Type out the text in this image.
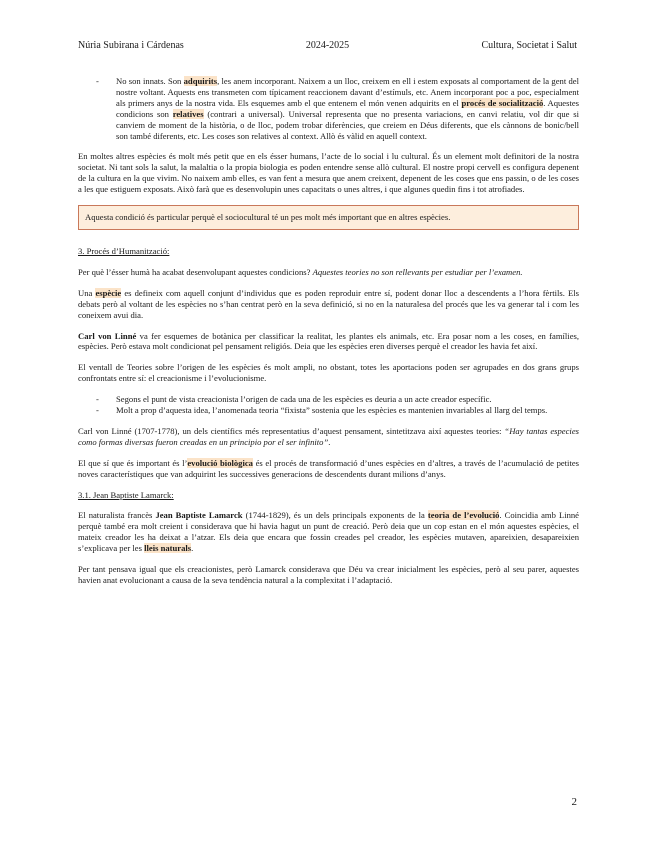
Núria Subirana i Cárdenas	2024-2025	Cultura, Societat i Salut
- No son innats. Son adquirits, les anem incorporant. Naixem a un lloc, creixem en ell i estem exposats al comportament de la gent del nostre voltant. Aquests ens transmeten com típicament reaccionem davant d’estímuls, etc. Anem incorporant poc a poc, especialment als primers anys de la nostra vida. Els esquemes amb el que entenem el món venen adquirits en el procés de socialització. Aquestes condicions son relatives (contrari a universal). Universal representa que no presenta variacions, en canvi relatiu, vol dir que si canviem de moment de la història, o de lloc, podem trobar diferències, que creiem en Déus diferents, que els cànnons de bonic/bell son també diferents, etc. Les coses son relatives al context. Allò és vàlid en aquell context.

En moltes altres espècies és molt més petit que en els ésser humans, l’acte de lo social i lu cultural. És un element molt definitori de la nostra societat. Ni tant sols la salut, la malaltia o la propia biologia es poden entendre sense allò cultural. El nostre propi cervell es configura depenent de la cultura en la que vivim. No naixem amb elles, es van fent a mesura que anem creixent, depenent de les coses que ens passin, o de les coses a les que estiguem exposats. Això farà que es desenvolupin unes capacitats o unes altres, i que algunes quedin fins i tot atrofiades.

Aquesta condició és particular perquè el sociocultural té un pes molt més important que en altres espècies.
3. Procés d’Humanització:

Per què l’ésser humà ha acabat desenvolupant aquestes condicions? Aquestes teories no son rellevants per estudiar per l’examen.

Una espècie es defineix com aquell conjunt d’individus que es poden reproduir entre sí, podent donar lloc a descendents a l’hora fèrtils. Els debats però al voltant de les espècies no s’han centrat però en la seva definició, si no en la naturalesa del procés que les va generar tal i com les coneixem avui dia.

Carl von Linné va fer esquemes de botànica per classificar la realitat, les plantes els animals, etc. Era posar nom a les coses, en famílies, espècies. Però estava molt condicionat pel pensament religiós. Deia que les espècies eren diverses perquè el creador les havia fet així.

El ventall de Teories sobre l’origen de les espècies és molt ampli, no obstant, totes les aportacions poden ser agrupades en dos grans grups confrontats entre sí: el creacionisme i l’evolucionisme.

- Segons el punt de vista creacionista l’origen de cada una de les espècies es deuria a un acte creador específic.
- Molt a prop d’aquesta idea, l’anomenada teoria “fixista” sostenia que les espècies es mantenien invariables al llarg del temps.

Carl von Linné (1707-1778), un dels científics més representatius d’aquest pensament, sintetitzava així aquestes teories: “Hay tantas especies como formas diversas fueron creadas en un principio por el ser infinito”.

El que sí que és important és l’evolució biològica és el procés de transformació d’unes espècies en d’altres, a través de l’acumulació de petites noves característiques que van adquirint les successives generacions de descendents durant milions d’anys.

3.1. Jean Baptiste Lamarck:

El naturalista francès Jean Baptiste Lamarck (1744-1829), és un dels principals exponents de la teoria de l’evolució. Coincidia amb Linné perquè també era molt creient i considerava que hi havia hagut un punt de creació. Però deia que un cop estan en el món aquestes espècies, el mateix creador les ha deixat a l’atzar. Els deia que encara que fossin creades pel creador, les espècies mutaven, apareixien, desapareixien s’explicava per les lleis naturals.

Per tant pensava igual que els creacionistes, però Lamarck considerava que Déu va crear inicialment les espècies, però al seu parer, aquestes havien anat evolucionant a causa de la seva tendència natural a la complexitat i l’adaptació.

2
